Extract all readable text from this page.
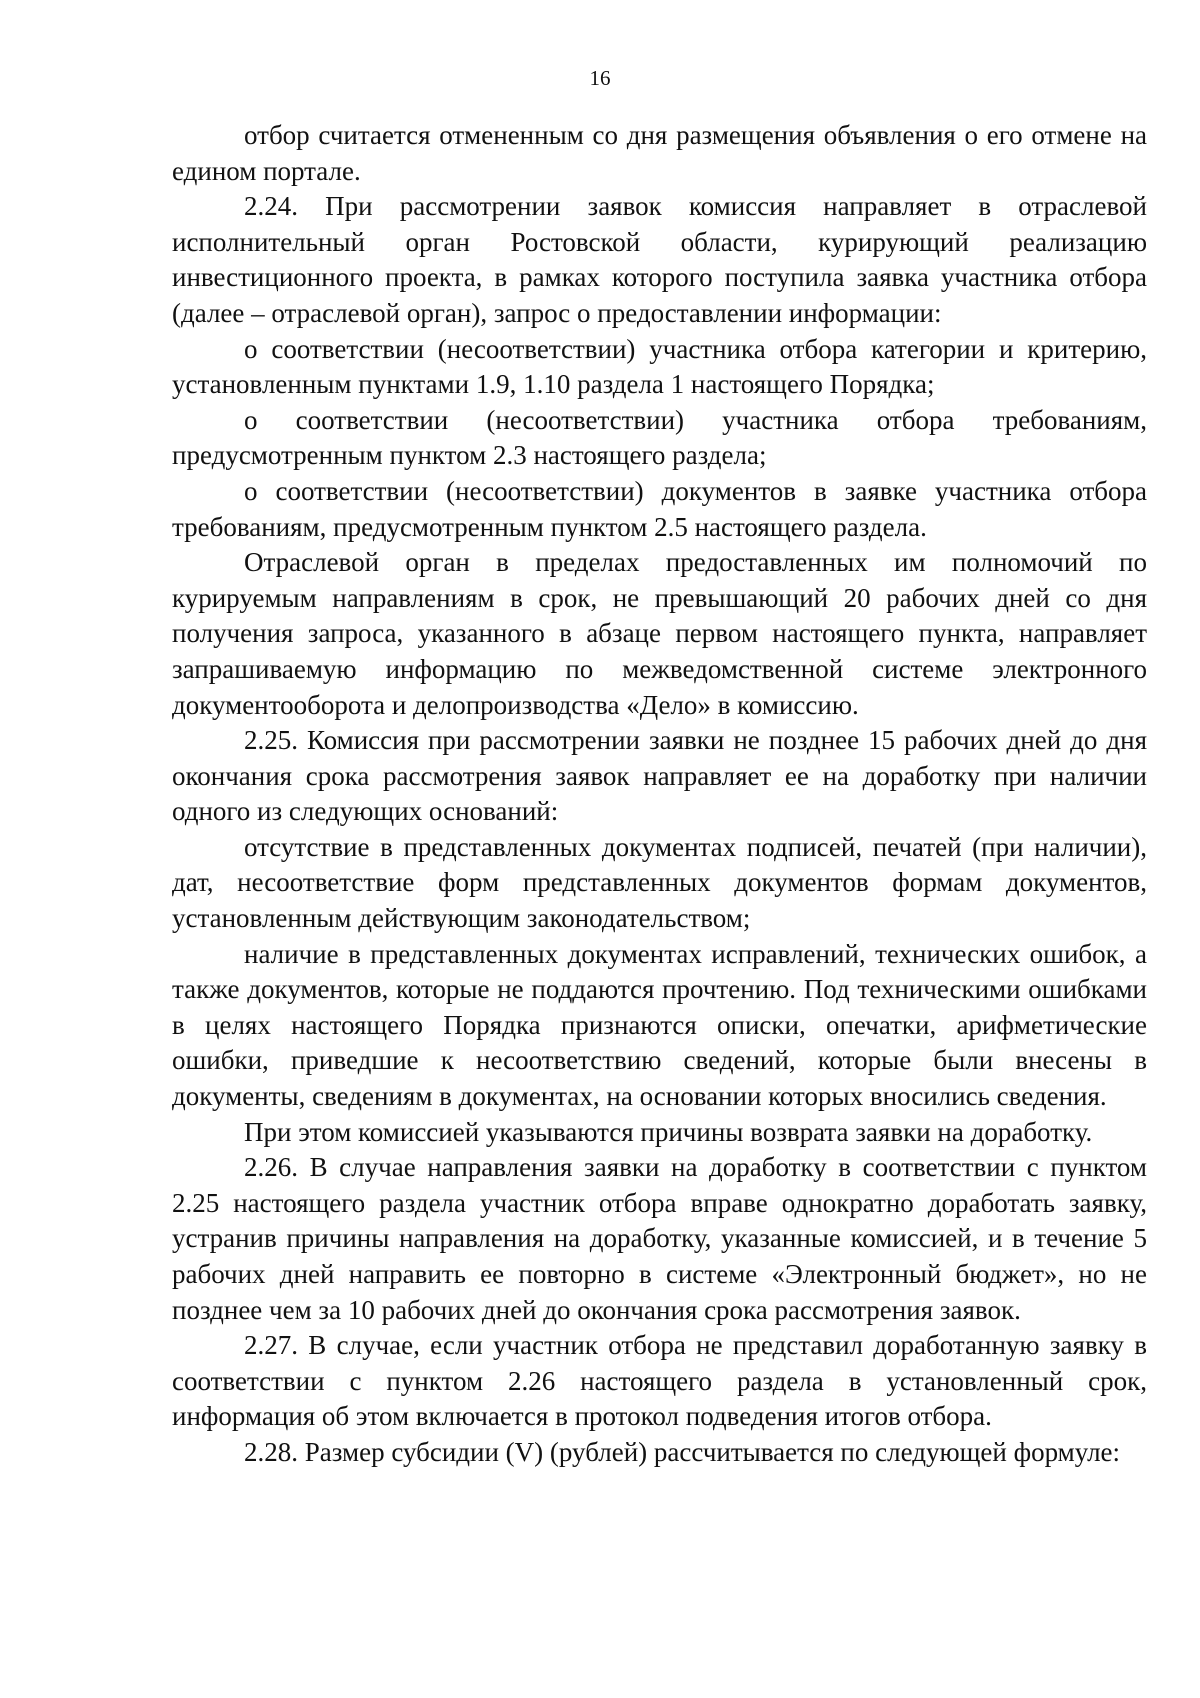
16

отбор считается отмененным со дня размещения объявления о его отмене на едином портале.

2.24. При рассмотрении заявок комиссия направляет в отраслевой исполнительный орган Ростовской области, курирующий реализацию инвестиционного проекта, в рамках которого поступила заявка участника отбора (далее – отраслевой орган), запрос о предоставлении информации:

о соответствии (несоответствии) участника отбора категории и критерию, установленным пунктами 1.9, 1.10 раздела 1 настоящего Порядка;

о соответствии (несоответствии) участника отбора требованиям, предусмотренным пунктом 2.3 настоящего раздела;

о соответствии (несоответствии) документов в заявке участника отбора требованиям, предусмотренным пунктом 2.5 настоящего раздела.

Отраслевой орган в пределах предоставленных им полномочий по курируемым направлениям в срок, не превышающий 20 рабочих дней со дня получения запроса, указанного в абзаце первом настоящего пункта, направляет запрашиваемую информацию по межведомственной системе электронного документооборота и делопроизводства «Дело» в комиссию.

2.25. Комиссия при рассмотрении заявки не позднее 15 рабочих дней до дня окончания срока рассмотрения заявок направляет ее на доработку при наличии одного из следующих оснований:

отсутствие в представленных документах подписей, печатей (при наличии), дат, несоответствие форм представленных документов формам документов, установленным действующим законодательством;

наличие в представленных документах исправлений, технических ошибок, а также документов, которые не поддаются прочтению. Под техническими ошибками в целях настоящего Порядка признаются описки, опечатки, арифметические ошибки, приведшие к несоответствию сведений, которые были внесены в документы, сведениям в документах, на основании которых вносились сведения.

При этом комиссией указываются причины возврата заявки на доработку.

2.26. В случае направления заявки на доработку в соответствии с пунктом 2.25 настоящего раздела участник отбора вправе однократно доработать заявку, устранив причины направления на доработку, указанные комиссией, и в течение 5 рабочих дней направить ее повторно в системе «Электронный бюджет», но не позднее чем за 10 рабочих дней до окончания срока рассмотрения заявок.

2.27. В случае, если участник отбора не представил доработанную заявку в соответствии с пунктом 2.26 настоящего раздела в установленный срок, информация об этом включается в протокол подведения итогов отбора.

2.28. Размер субсидии (V) (рублей) рассчитывается по следующей формуле:
